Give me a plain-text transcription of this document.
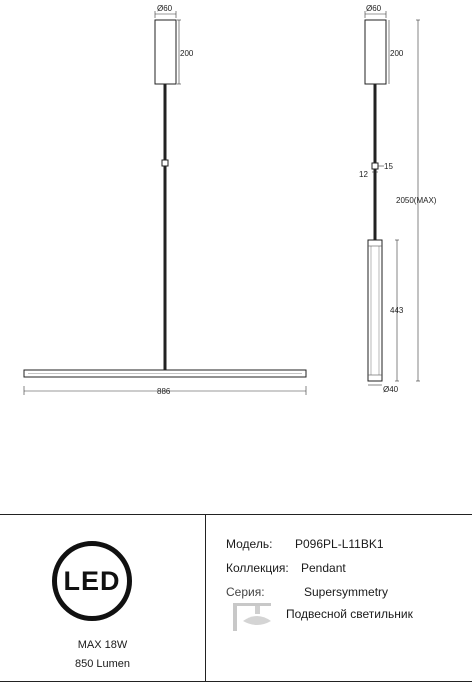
Ø60
200
886
Ø60
200
15
12
443
2050(MAX)
Ø40
LED
MAX 18W
850 Lumen
Модель: P096PL-L11BK1
Коллекция: Pendant
Серия:	Supersymmetry
Подвесной светильник
